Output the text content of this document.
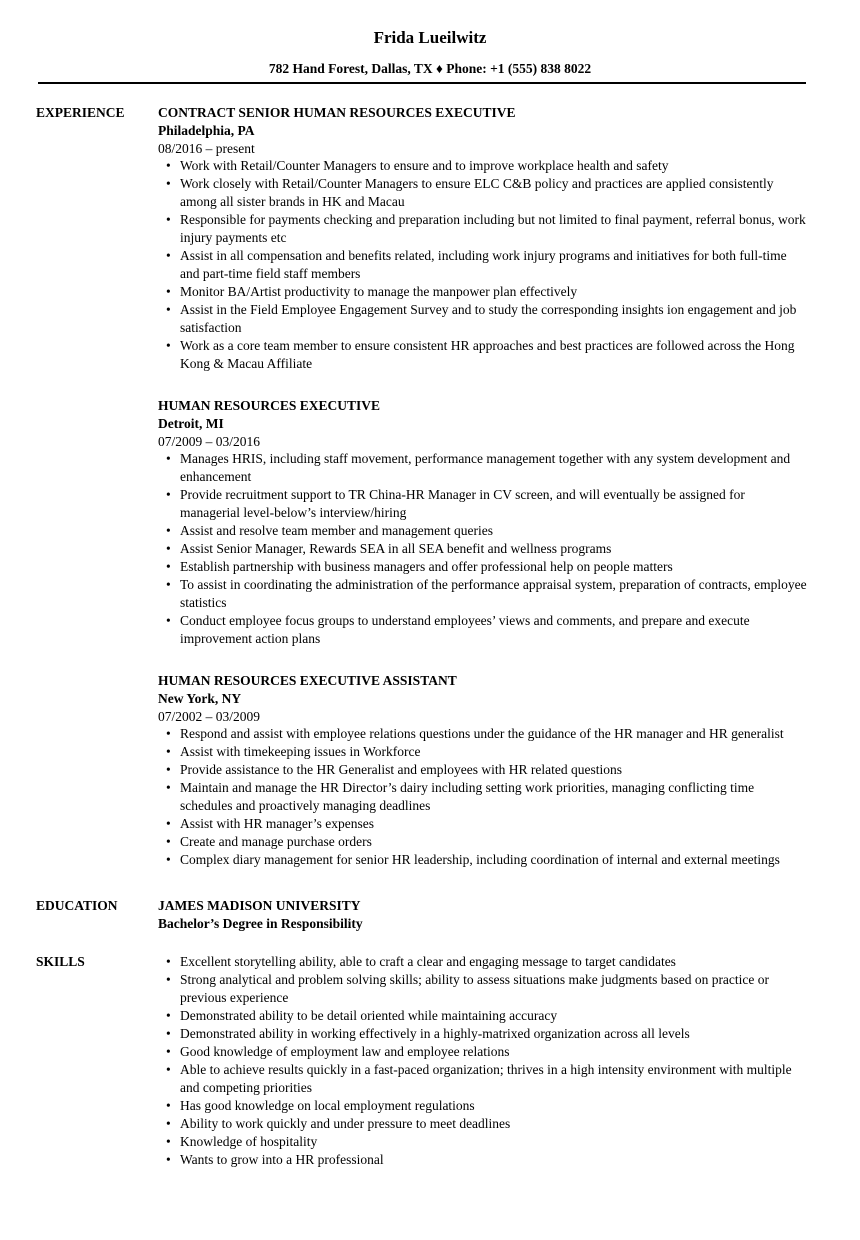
Frida Lueilwitz
782 Hand Forest, Dallas, TX ♦ Phone: +1 (555) 838 8022
EXPERIENCE	CONTRACT SENIOR HUMAN RESOURCES EXECUTIVE
Philadelphia, PA
08/2016 – present
• Work with Retail/Counter Managers to ensure and to improve workplace health and safety
• Work closely with Retail/Counter Managers to ensure ELC C&B policy and practices are applied consistently among all sister brands in HK and Macau
• Responsible for payments checking and preparation including but not limited to final payment, referral bonus, work injury payments etc
• Assist in all compensation and benefits related, including work injury programs and initiatives for both full-time and part-time field staff members
• Monitor BA/Artist productivity to manage the manpower plan effectively
• Assist in the Field Employee Engagement Survey and to study the corresponding insights ion engagement and job satisfaction
• Work as a core team member to ensure consistent HR approaches and best practices are followed across the Hong Kong & Macau Affiliate
HUMAN RESOURCES EXECUTIVE
Detroit, MI
07/2009 – 03/2016
• Manages HRIS, including staff movement, performance management together with any system development and enhancement
• Provide recruitment support to TR China-HR Manager in CV screen, and will eventually be assigned for managerial level-below’s interview/hiring
• Assist and resolve team member and management queries
• Assist Senior Manager, Rewards SEA in all SEA benefit and wellness programs
• Establish partnership with business managers and offer professional help on people matters
• To assist in coordinating the administration of the performance appraisal system, preparation of contracts, employee statistics
• Conduct employee focus groups to understand employees’ views and comments, and prepare and execute improvement action plans
HUMAN RESOURCES EXECUTIVE ASSISTANT
New York, NY
07/2002 – 03/2009
• Respond and assist with employee relations questions under the guidance of the HR manager and HR generalist
• Assist with timekeeping issues in Workforce
• Provide assistance to the HR Generalist and employees with HR related questions
• Maintain and manage the HR Director’s dairy including setting work priorities, managing conflicting time schedules and proactively managing deadlines
• Assist with HR manager’s expenses
• Create and manage purchase orders
• Complex diary management for senior HR leadership, including coordination of internal and external meetings
EDUCATION	JAMES MADISON UNIVERSITY
Bachelor’s Degree in Responsibility
SKILLS
•	Excellent storytelling ability, able to craft a clear and engaging message to target candidates
• Strong analytical and problem solving skills; ability to assess situations make judgments based on practice or previous experience
• Demonstrated ability to be detail oriented while maintaining accuracy
• Demonstrated ability in working effectively in a highly-matrixed organization across all levels
• Good knowledge of employment law and employee relations
• Able to achieve results quickly in a fast-paced organization; thrives in a high intensity environment with multiple and competing priorities
• Has good knowledge on local employment regulations
• Ability to work quickly and under pressure to meet deadlines
• Knowledge of hospitality
• Wants to grow into a HR professional
